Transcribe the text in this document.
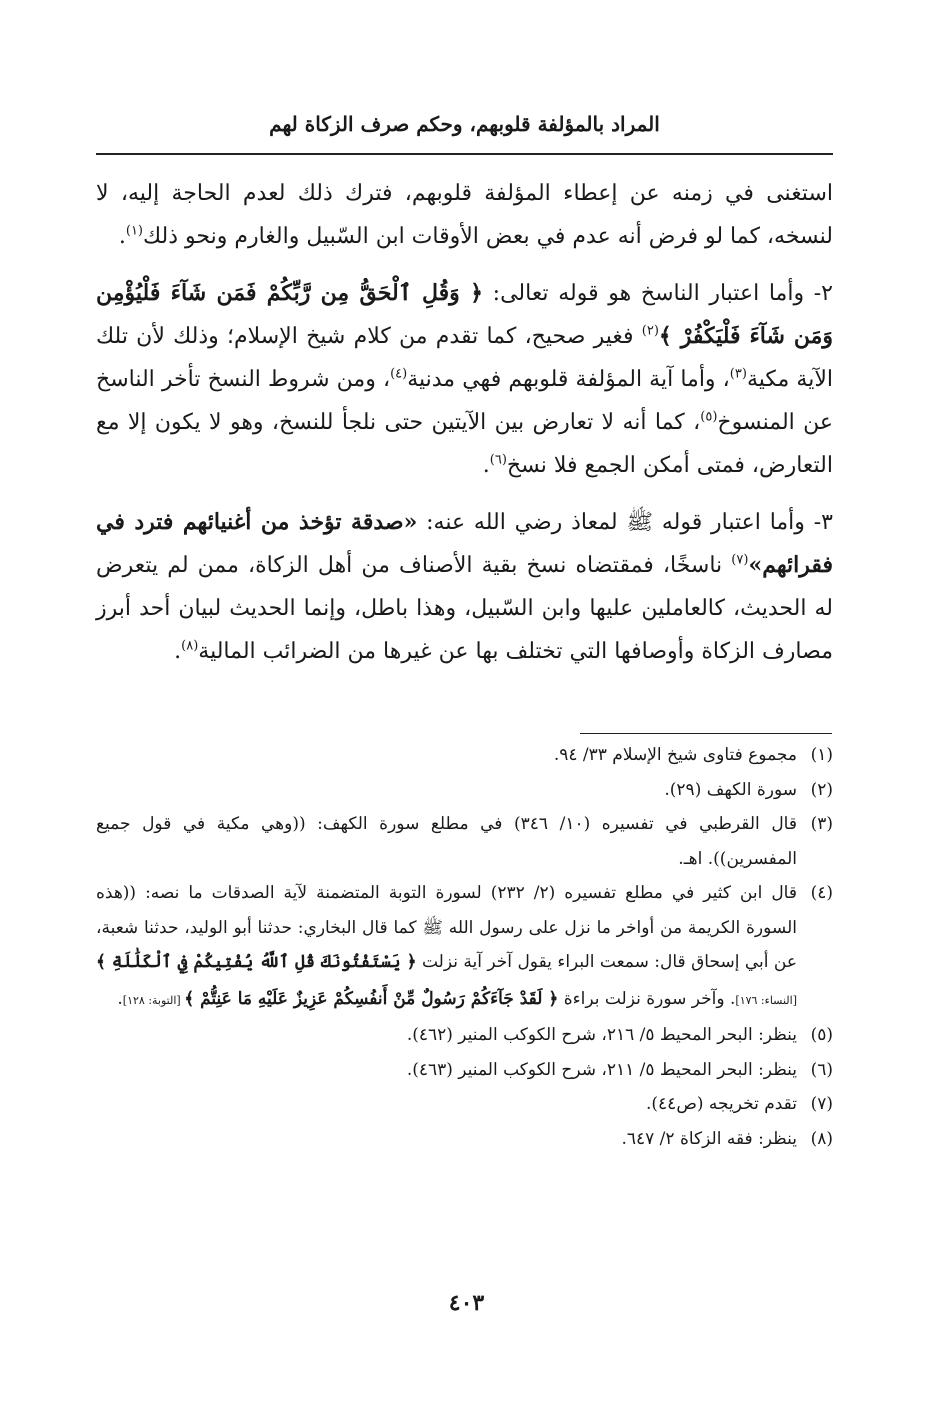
المراد بالمؤلفة قلوبهم، وحكم صرف الزكاة لهم

استغنى في زمنه عن إعطاء المؤلفة قلوبهم، فترك ذلك لعدم الحاجة إليه، لا لنسخه، كما لو فرض أنه عدم في بعض الأوقات ابن السّبيل والغارم ونحو ذلك$^{(١)}$.

٢- وأما اعتبار الناسخ هو قوله تعالى: ﴿ وَقُلِ ٱلْحَقُّ مِن رَّبِّكُمْ فَمَن شَآءَ فَلْيُؤْمِن وَمَن شَآءَ فَلْيَكْفُرْ ﴾$^{(٢)}$ فغير صحيح، كما تقدم من كلام شيخ الإسلام؛ وذلك لأن تلك الآية مكية$^{(٣)}$، وأما آية المؤلفة قلوبهم فهي مدنية$^{(٤)}$، ومن شروط النسخ تأخر الناسخ عن المنسوخ$^{(٥)}$، كما أنه لا تعارض بين الآيتين حتى نلجأ للنسخ، وهو لا يكون إلا مع التعارض، فمتى أمكن الجمع فلا نسخ$^{(٦)}$.

٣- وأما اعتبار قوله ﷺ لمعاذ رضي الله عنه: «صدقة تؤخذ من أغنيائهم فترد في فقرائهم»$^{(٧)}$ ناسخًا، فمقتضاه نسخ بقية الأصناف من أهل الزكاة، ممن لم يتعرض له الحديث، كالعاملين عليها وابن السّبيل، وهذا باطل، وإنما الحديث لبيان أحد أبرز مصارف الزكاة وأوصافها التي تختلف بها عن غيرها من الضرائب المالية$^{(٨)}$.

(١)مجموع فتاوى شيخ الإسلام ٣٣/ ٩٤.

(٢)سورة الكهف (٢٩).

(٣)قال القرطبي في تفسيره (١٠/ ٣٤٦) في مطلع سورة الكهف: ((وهي مكية في قول جميع المفسرين)). اهـ.

(٤)قال ابن كثير في مطلع تفسيره (٢/ ٢٣٢) لسورة التوبة المتضمنة لآية الصدقات ما نصه: ((هذه السورة الكريمة من أواخر ما نزل على رسول الله ﷺ كما قال البخاري: حدثنا أبو الوليد، حدثنا شعبة، عن أبي إسحاق قال: سمعت البراء يقول آخر آية نزلت ﴿ يَسْتَفْتُونَكَ قُلِ ٱللَّهُ يُفْتِيكُمْ فِي ٱلْكَلَٰلَةِ ﴾ [النساء: ١٧٦]. وآخر سورة نزلت براءة ﴿ لَقَدْ جَآءَكُمْ رَسُولٌ مِّنْ أَنفُسِكُمْ عَزِيزٌ عَلَيْهِ مَا عَنِتُّمْ ﴾ [التوبة: ١٢٨].

(٥)ينظر: البحر المحيط ٥/ ٢١٦، شرح الكوكب المنير (٤٦٢).

(٦)ينظر: البحر المحيط ٥/ ٢١١، شرح الكوكب المنير (٤٦٣).

(٧)تقدم تخريجه (ص٤٤).

(٨)ينظر: فقه الزكاة ٢/ ٦٤٧.

٤٠٣
